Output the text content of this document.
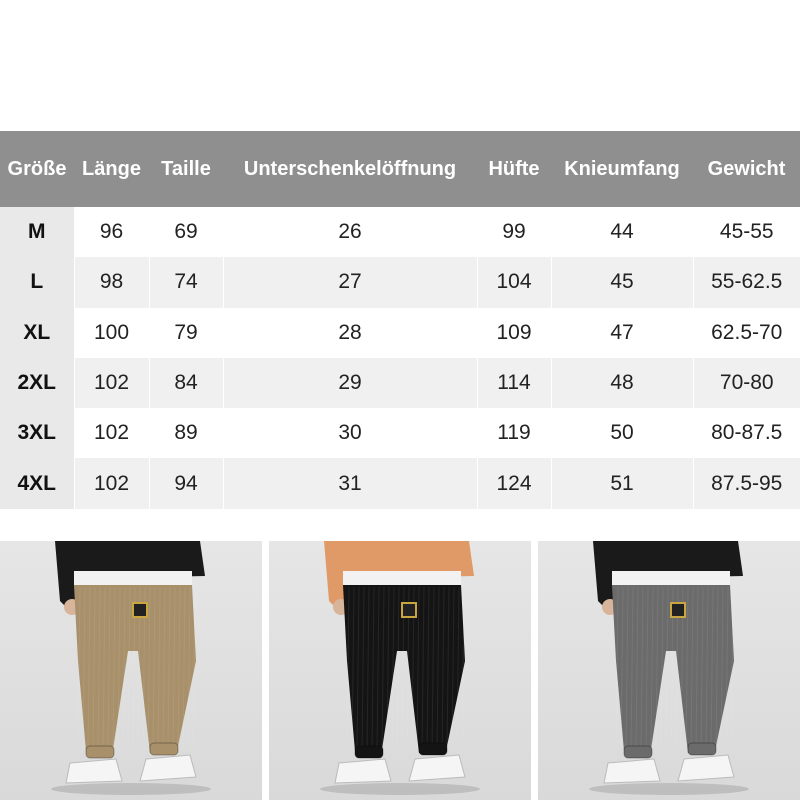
Größe	Länge	Taille	Unterschenkelöffnung	Hüfte	Knieumfang	Gewicht
M	96	69	26	99	44	45-55
L	98	74	27	104	45	55-62.5
XL	100	79	28	109	47	62.5-70
2XL	102	84	29	114	48	70-80
3XL	102	89	30	119	50	80-87.5
4XL	102	94	31	124	51	87.5-95
